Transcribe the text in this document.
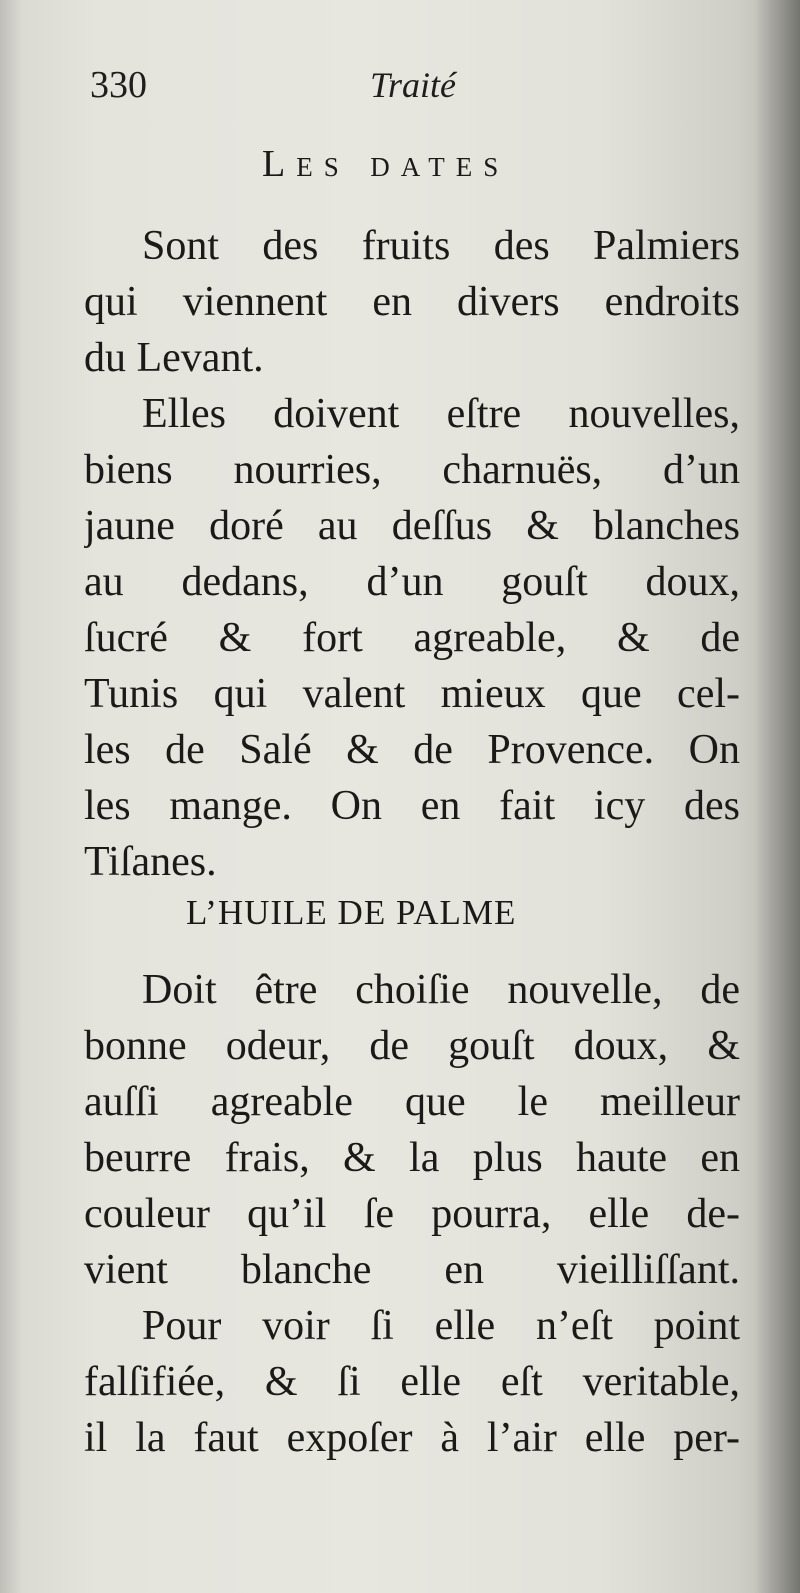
330	Traité
Les dates
Sont des fruits des Palmiers
qui viennent en divers endroits
du Levant.
Elles doivent eſtre nouvelles,
biens nourries, charnuës, d’un
jaune doré au deſſus & blanches
au dedans, d’un gouſt doux,
ſucré & fort agreable, & de
Tunis qui valent mieux que cel-
les de Salé & de Provence. On
les mange. On en fait icy des
Tiſanes.
L’HUILE DE PALME
Doit être choiſie nouvelle, de
bonne odeur, de gouſt doux, &
auſſi agreable que le meilleur
beurre frais, & la plus haute en
couleur qu’il ſe pourra, elle de-
vient blanche en vieilliſſant.
Pour voir ſi elle n’eſt point
falſifiée, & ſi elle eſt veritable,
il la faut expoſer à l’air elle per-
